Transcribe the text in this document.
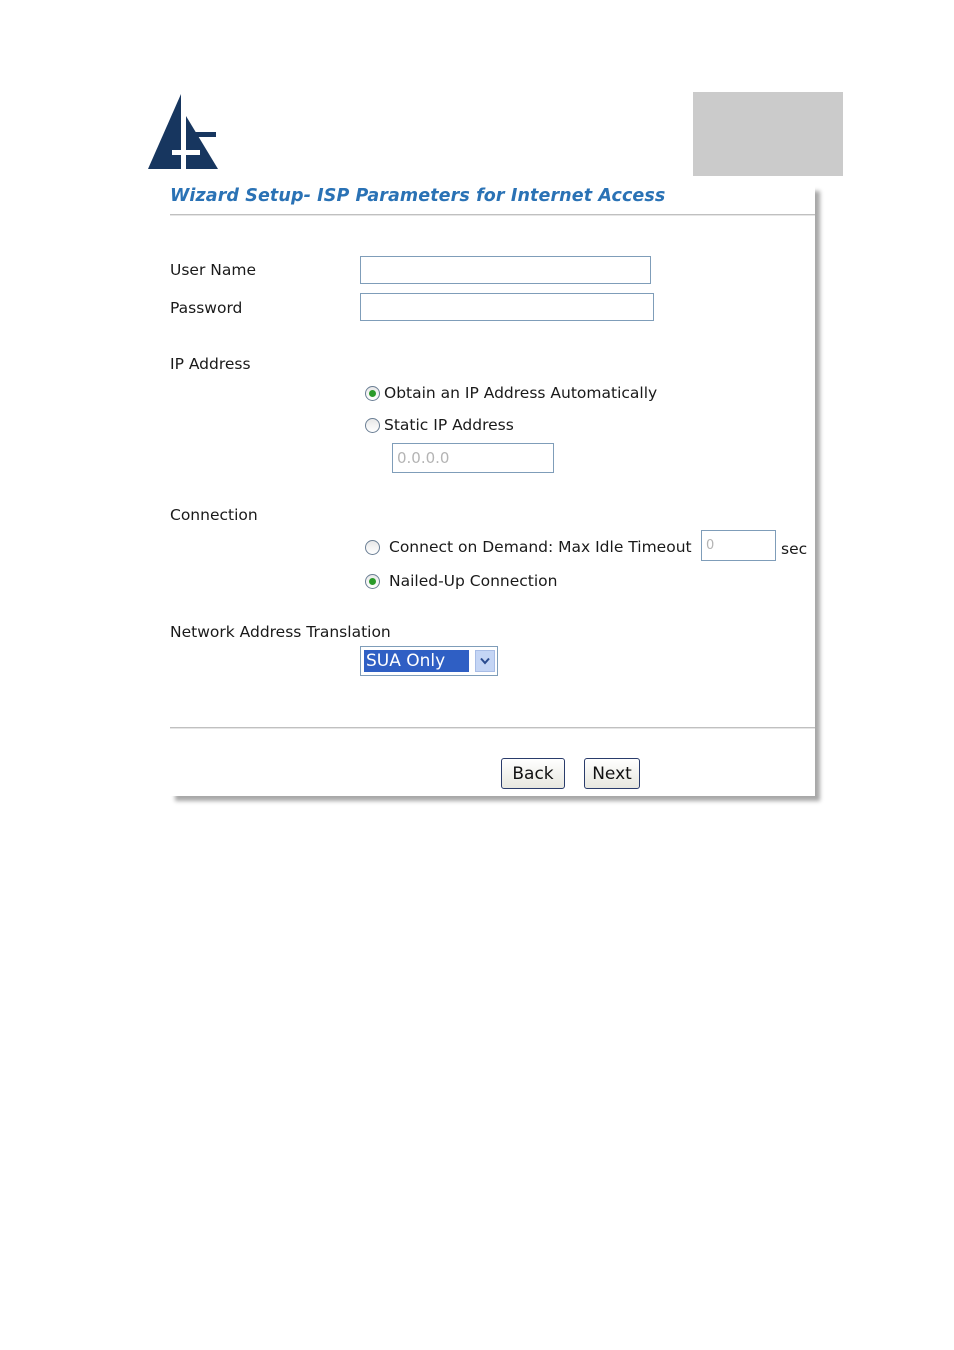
Wizard Setup- ISP Parameters for Internet Access
User Name
Password
IP Address
Obtain an IP Address Automatically
Static IP Address
0.0.0.0
Connection
Connect on Demand: Max Idle Timeout
0	sec
Nailed-Up Connection
Network Address Translation
SUA Only
Back	Next
